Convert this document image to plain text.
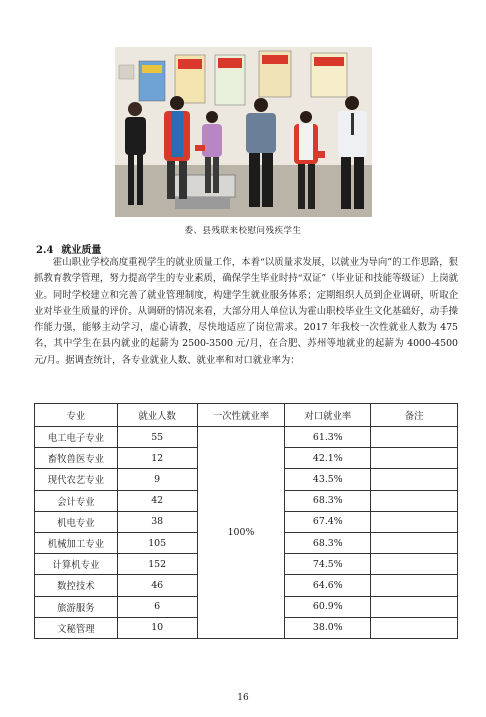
委、县残联来校慰问残疾学生
2.4 就业质量
霍山职业学校高度重视学生的就业质量工作，本着“以质量求发展，以就业为导向”的工作思路，狠抓教育教学管理，努力提高学生的专业素质，确保学生毕业时持“双证”（毕业证和技能等级证）上岗就业。同时学校建立和完善了就业管理制度，构建学生就业服务体系；定期组织人员到企业调研，听取企业对毕业生质量的评价。从调研的情况来看，大部分用人单位认为霍山职校毕业生文化基础好，动手操作能力强，能够主动学习，虚心请教，尽快地适应了岗位需求。2017 年我校一次性就业人数为 475 名，其中学生在县内就业的起薪为 2500-3500 元/月，在合肥、苏州等地就业的起薪为 4000-4500 元/月。据调查统计，各专业就业人数、就业率和对口就业率为：
专业	就业人数	一次性就业率	对口就业率	备注
电工电子专业	55	100%	61.3%	
畜牧兽医专业	12		42.1%	
现代农艺专业	9		43.5%	
会计专业	42		68.3%	
机电专业	38		67.4%	
机械加工专业	105		68.3%	
计算机专业	152		74.5%	
数控技术	46		64.6%	
旅游服务	6		60.9%	
文秘管理	10		38.0%	
16
